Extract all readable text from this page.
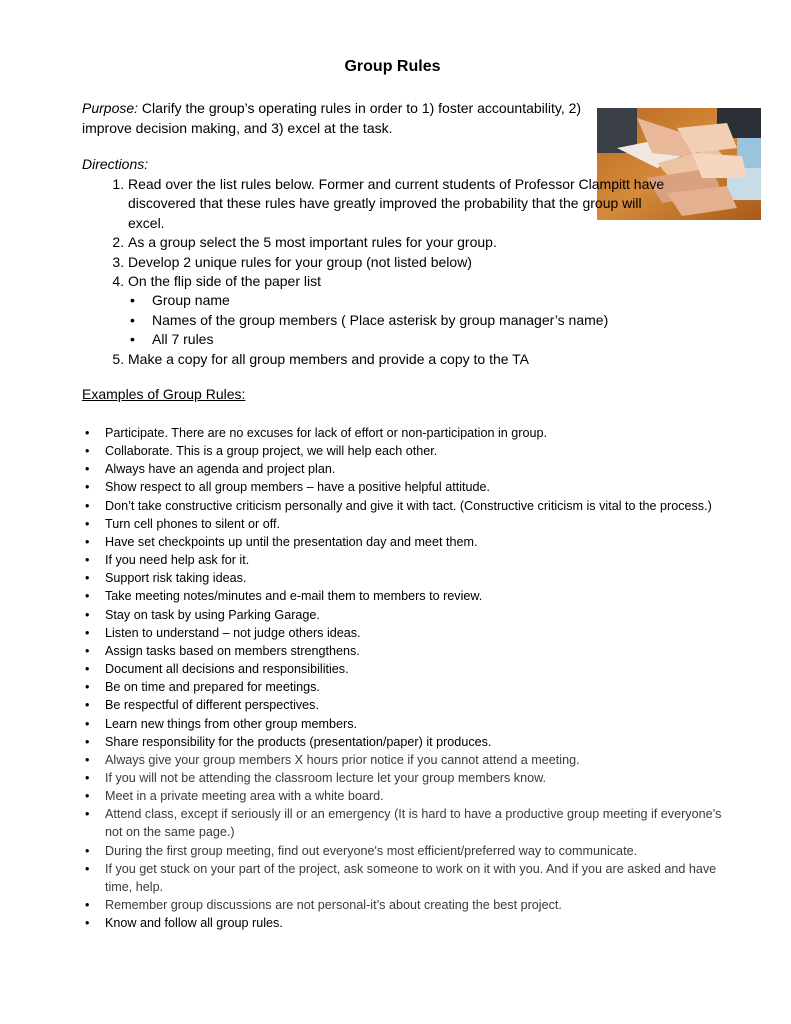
Group Rules
Purpose: Clarify the group’s operating rules in order to 1) foster accountability, 2) improve decision making, and 3) excel at the task.
Directions:
1. Read over the list rules below. Former and current students of Professor Clampitt have discovered that these rules have greatly improved the probability that the group will excel.
2. As a group select the 5 most important rules for your group.
3. Develop 2 unique rules for your group (not listed below)
4. On the flip side of the paper list
• Group name
• Names of the group members ( Place asterisk by group manager’s name)
• All 7 rules
5. Make a copy for all group members and provide a copy to the TA
Examples of Group Rules:
• Participate. There are no excuses for lack of effort or non-participation in group.
• Collaborate. This is a group project, we will help each other.
• Always have an agenda and project plan.
• Show respect to all group members – have a positive helpful attitude.
• Don’t take constructive criticism personally and give it with tact. (Constructive criticism is vital to the process.)
• Turn cell phones to silent or off.
• Have set checkpoints up until the presentation day and meet them.
• If you need help ask for it.
• Support risk taking ideas.
• Take meeting notes/minutes and e-mail them to members to review.
• Stay on task by using Parking Garage.
• Listen to understand – not judge others ideas.
• Assign tasks based on members strengthens.
• Document all decisions and responsibilities.
• Be on time and prepared for meetings.
• Be respectful of different perspectives.
• Learn new things from other group members.
• Share responsibility for the products (presentation/paper) it produces.
• Always give your group members X hours prior notice if you cannot attend a meeting.
• If you will not be attending the classroom lecture let your group members know.
• Meet in a private meeting area with a white board.
• Attend class, except if seriously ill or an emergency (It is hard to have a productive group meeting if everyone’s not on the same page.)
• During the first group meeting, find out everyone's most efficient/preferred way to communicate.
• If you get stuck on your part of the project, ask someone to work on it with you. And if you are asked and have time, help.
• Remember group discussions are not personal-it’s about creating the best project.
• Know and follow all group rules.
